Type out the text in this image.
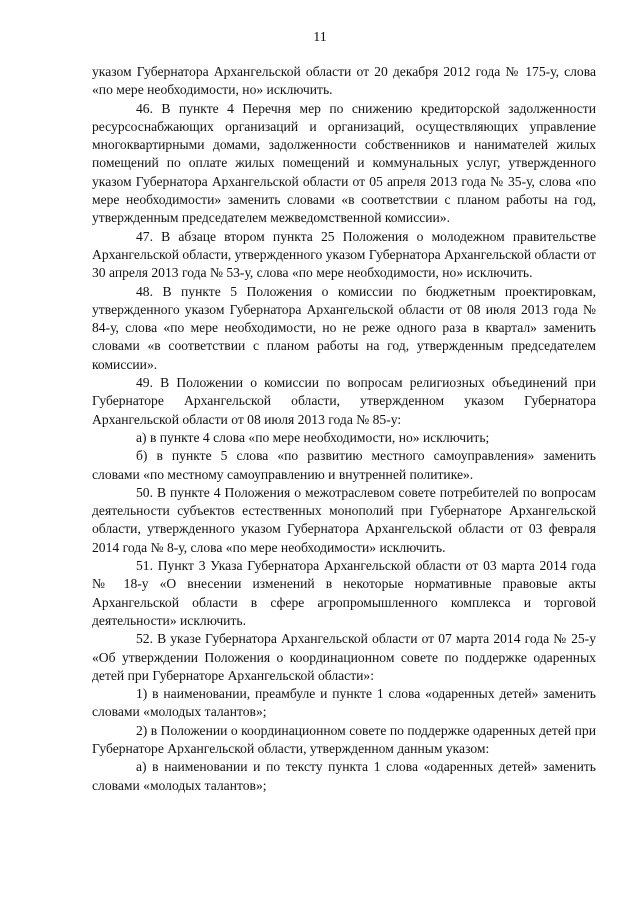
11

указом Губернатора Архангельской области от 20 декабря 2012 года № 175-у, слова «по мере необходимости, но» исключить.

46. В пункте 4 Перечня мер по снижению кредиторской задолженности ресурсоснабжающих организаций и организаций, осуществляющих управление многоквартирными домами, задолженности собственников и нанимателей жилых помещений по оплате жилых помещений и коммунальных услуг, утвержденного указом Губернатора Архангельской области от 05 апреля 2013 года № 35-у, слова «по мере необходимости» заменить словами «в соответствии с планом работы на год, утвержденным председателем межведомственной комиссии».

47. В абзаце втором пункта 25 Положения о молодежном правительстве Архангельской области, утвержденного указом Губернатора Архангельской области от 30 апреля 2013 года № 53-у, слова «по мере необходимости, но» исключить.

48. В пункте 5 Положения о комиссии по бюджетным проектировкам, утвержденного указом Губернатора Архангельской области от 08 июля 2013 года № 84-у, слова «по мере необходимости, но не реже одного раза в квартал» заменить словами «в соответствии с планом работы на год, утвержденным председателем комиссии».

49. В Положении о комиссии по вопросам религиозных объединений при Губернаторе Архангельской области, утвержденном указом Губернатора Архангельской области от 08 июля 2013 года № 85-у:

а) в пункте 4 слова «по мере необходимости, но» исключить;

б) в пункте 5 слова «по развитию местного самоуправления» заменить словами «по местному самоуправлению и внутренней политике».

50. В пункте 4 Положения о межотраслевом совете потребителей по вопросам деятельности субъектов естественных монополий при Губернаторе Архангельской области, утвержденного указом Губернатора Архангельской области от 03 февраля 2014 года № 8-у, слова «по мере необходимости» исключить.

51. Пункт 3 Указа Губернатора Архангельской области от 03 марта 2014 года № 18-у «О внесении изменений в некоторые нормативные правовые акты Архангельской области в сфере агропромышленного комплекса и торговой деятельности» исключить.

52. В указе Губернатора Архангельской области от 07 марта 2014 года № 25-у «Об утверждении Положения о координационном совете по поддержке одаренных детей при Губернаторе Архангельской области»:

1) в наименовании, преамбуле и пункте 1 слова «одаренных детей» заменить словами «молодых талантов»;

2) в Положении о координационном совете по поддержке одаренных детей при Губернаторе Архангельской области, утвержденном данным указом:

а) в наименовании и по тексту пункта 1 слова «одаренных детей» заменить словами «молодых талантов»;
